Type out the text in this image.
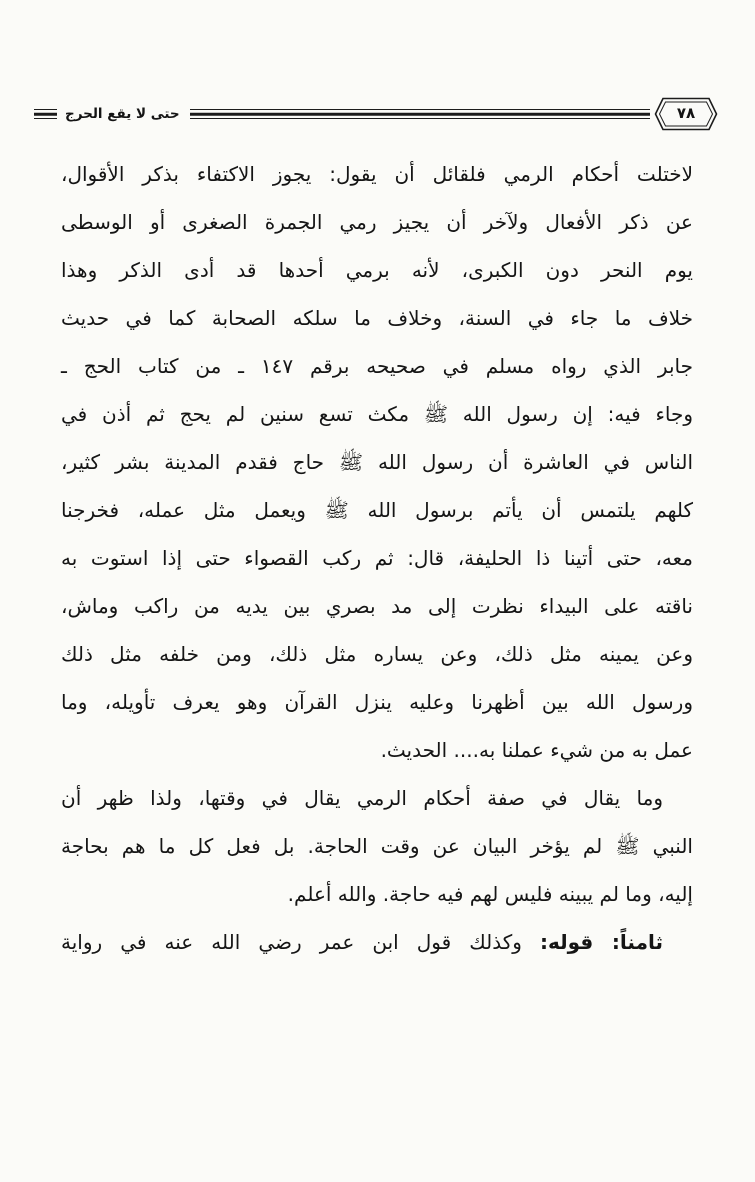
حتى لا يقع الحرج	٧٨
لاختلت أحكام الرمي فلقائل أن يقول: يجوز الاكتفاء بذكر الأقوال،
عن ذكر الأفعال ولآخر أن يجيز رمي الجمرة الصغرى أو الوسطى
يوم النحر دون الكبرى، لأنه برمي أحدها قد أدى الذكر وهذا
خلاف ما جاء في السنة، وخلاف ما سلكه الصحابة كما في حديث
جابر الذي رواه مسلم في صحيحه برقم ١٤٧ ـ من كتاب الحج ـ
وجاء فيه: إن رسول الله ﷺ مكث تسع سنين لم يحج ثم أذن في
الناس في العاشرة أن رسول الله ﷺ حاج فقدم المدينة بشر كثير،
كلهم يلتمس أن يأتم برسول الله ﷺ ويعمل مثل عمله، فخرجنا
معه، حتى أتينا ذا الحليفة، قال: ثم ركب القصواء حتى إذا استوت به
ناقته على البيداء نظرت إلى مد بصري بين يديه من راكب وماش،
وعن يمينه مثل ذلك، وعن يساره مثل ذلك، ومن خلفه مثل ذلك
ورسول الله بين أظهرنا وعليه ينزل القرآن وهو يعرف تأويله، وما
عمل به من شيء عملنا به.... الحديث.
وما يقال في صفة أحكام الرمي يقال في وقتها، ولذا ظهر أن
النبي ﷺ لم يؤخر البيان عن وقت الحاجة. بل فعل كل ما هم بحاجة
إليه، وما لم يبينه فليس لهم فيه حاجة. والله أعلم.
ثامناً: قوله: وكذلك قول ابن عمر رضي الله عنه في رواية
